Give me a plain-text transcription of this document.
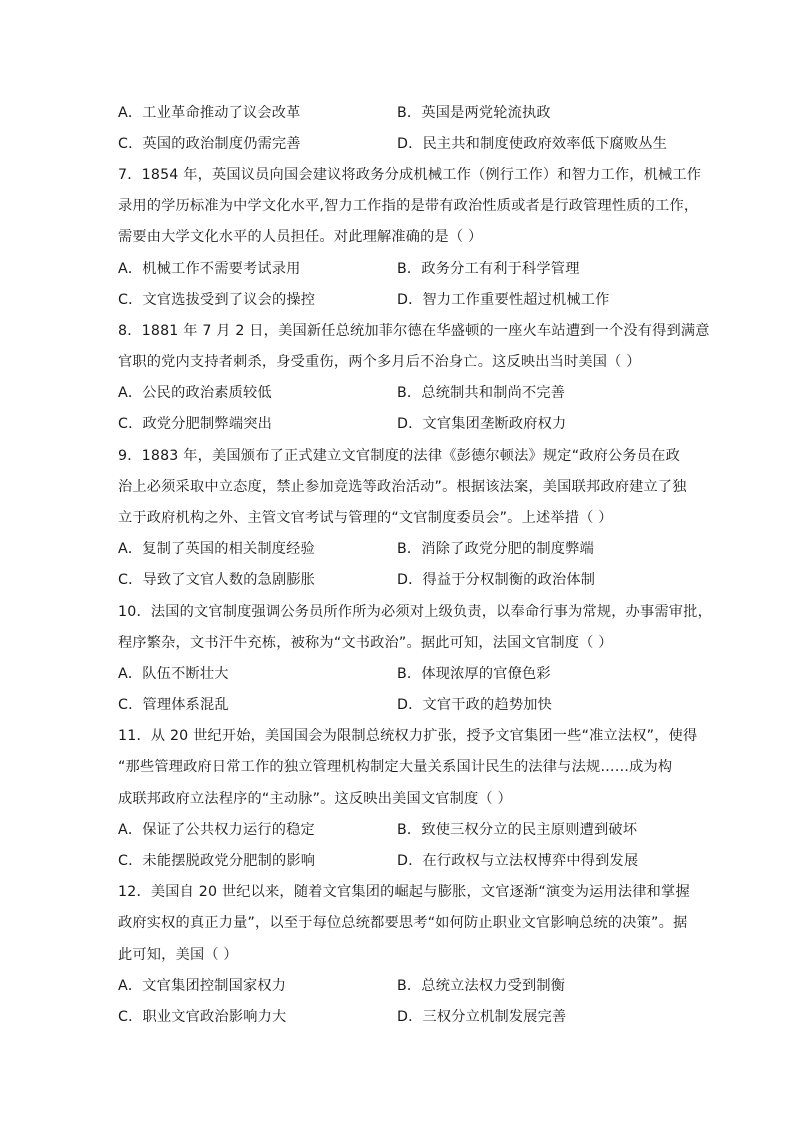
A．工业革命推动了议会改革	B．英国是两党轮流执政
C．英国的政治制度仍需完善	D．民主共和制度使政府效率低下腐败丛生
7．1854 年，英国议员向国会建议将政务分成机械工作（例行工作）和智力工作，机械工作
录用的学历标准为中学文化水平,智力工作指的是带有政治性质或者是行政管理性质的工作，
需要由大学文化水平的人员担任。对此理解准确的是（ ）
A．机械工作不需要考试录用	B．政务分工有利于科学管理
C．文官选拔受到了议会的操控	D．智力工作重要性超过机械工作
8．1881 年 7 月 2 日，美国新任总统加菲尔德在华盛顿的一座火车站遭到一个没有得到满意
官职的党内支持者刺杀，身受重伤，两个多月后不治身亡。这反映出当时美国（ ）
A．公民的政治素质较低	B．总统制共和制尚不完善
C．政党分肥制弊端突出	D．文官集团垄断政府权力
9．1883 年，美国颁布了正式建立文官制度的法律《彭德尔顿法》规定“政府公务员在政
治上必须采取中立态度，禁止参加竞选等政治活动”。根据该法案，美国联邦政府建立了独
立于政府机构之外、主管文官考试与管理的“文官制度委员会”。上述举措（ ）
A．复制了英国的相关制度经验	B．消除了政党分肥的制度弊端
C．导致了文官人数的急剧膨胀	D．得益于分权制衡的政治体制
10．法国的文官制度强调公务员所作所为必须对上级负责，以奉命行事为常规，办事需审批，
程序繁杂，文书汗牛充栋，被称为“文书政治”。据此可知，法国文官制度（ ）
A．队伍不断壮大	B．体现浓厚的官僚色彩
C．管理体系混乱	D．文官干政的趋势加快
11．从 20 世纪开始，美国国会为限制总统权力扩张，授予文官集团一些“准立法权”，使得
“那些管理政府日常工作的独立管理机构制定大量关系国计民生的法律与法规……成为构
成联邦政府立法程序的“主动脉”。这反映出美国文官制度（ ）
A．保证了公共权力运行的稳定	B．致使三权分立的民主原则遭到破坏
C．未能摆脱政党分肥制的影响	D．在行政权与立法权博弈中得到发展
12．美国自 20 世纪以来，随着文官集团的崛起与膨胀，文官逐渐“演变为运用法律和掌握
政府实权的真正力量”，以至于每位总统都要思考“如何防止职业文官影响总统的决策”。据
此可知，美国（ ）
A．文官集团控制国家权力	B．总统立法权力受到制衡
C．职业文官政治影响力大	D．三权分立机制发展完善
